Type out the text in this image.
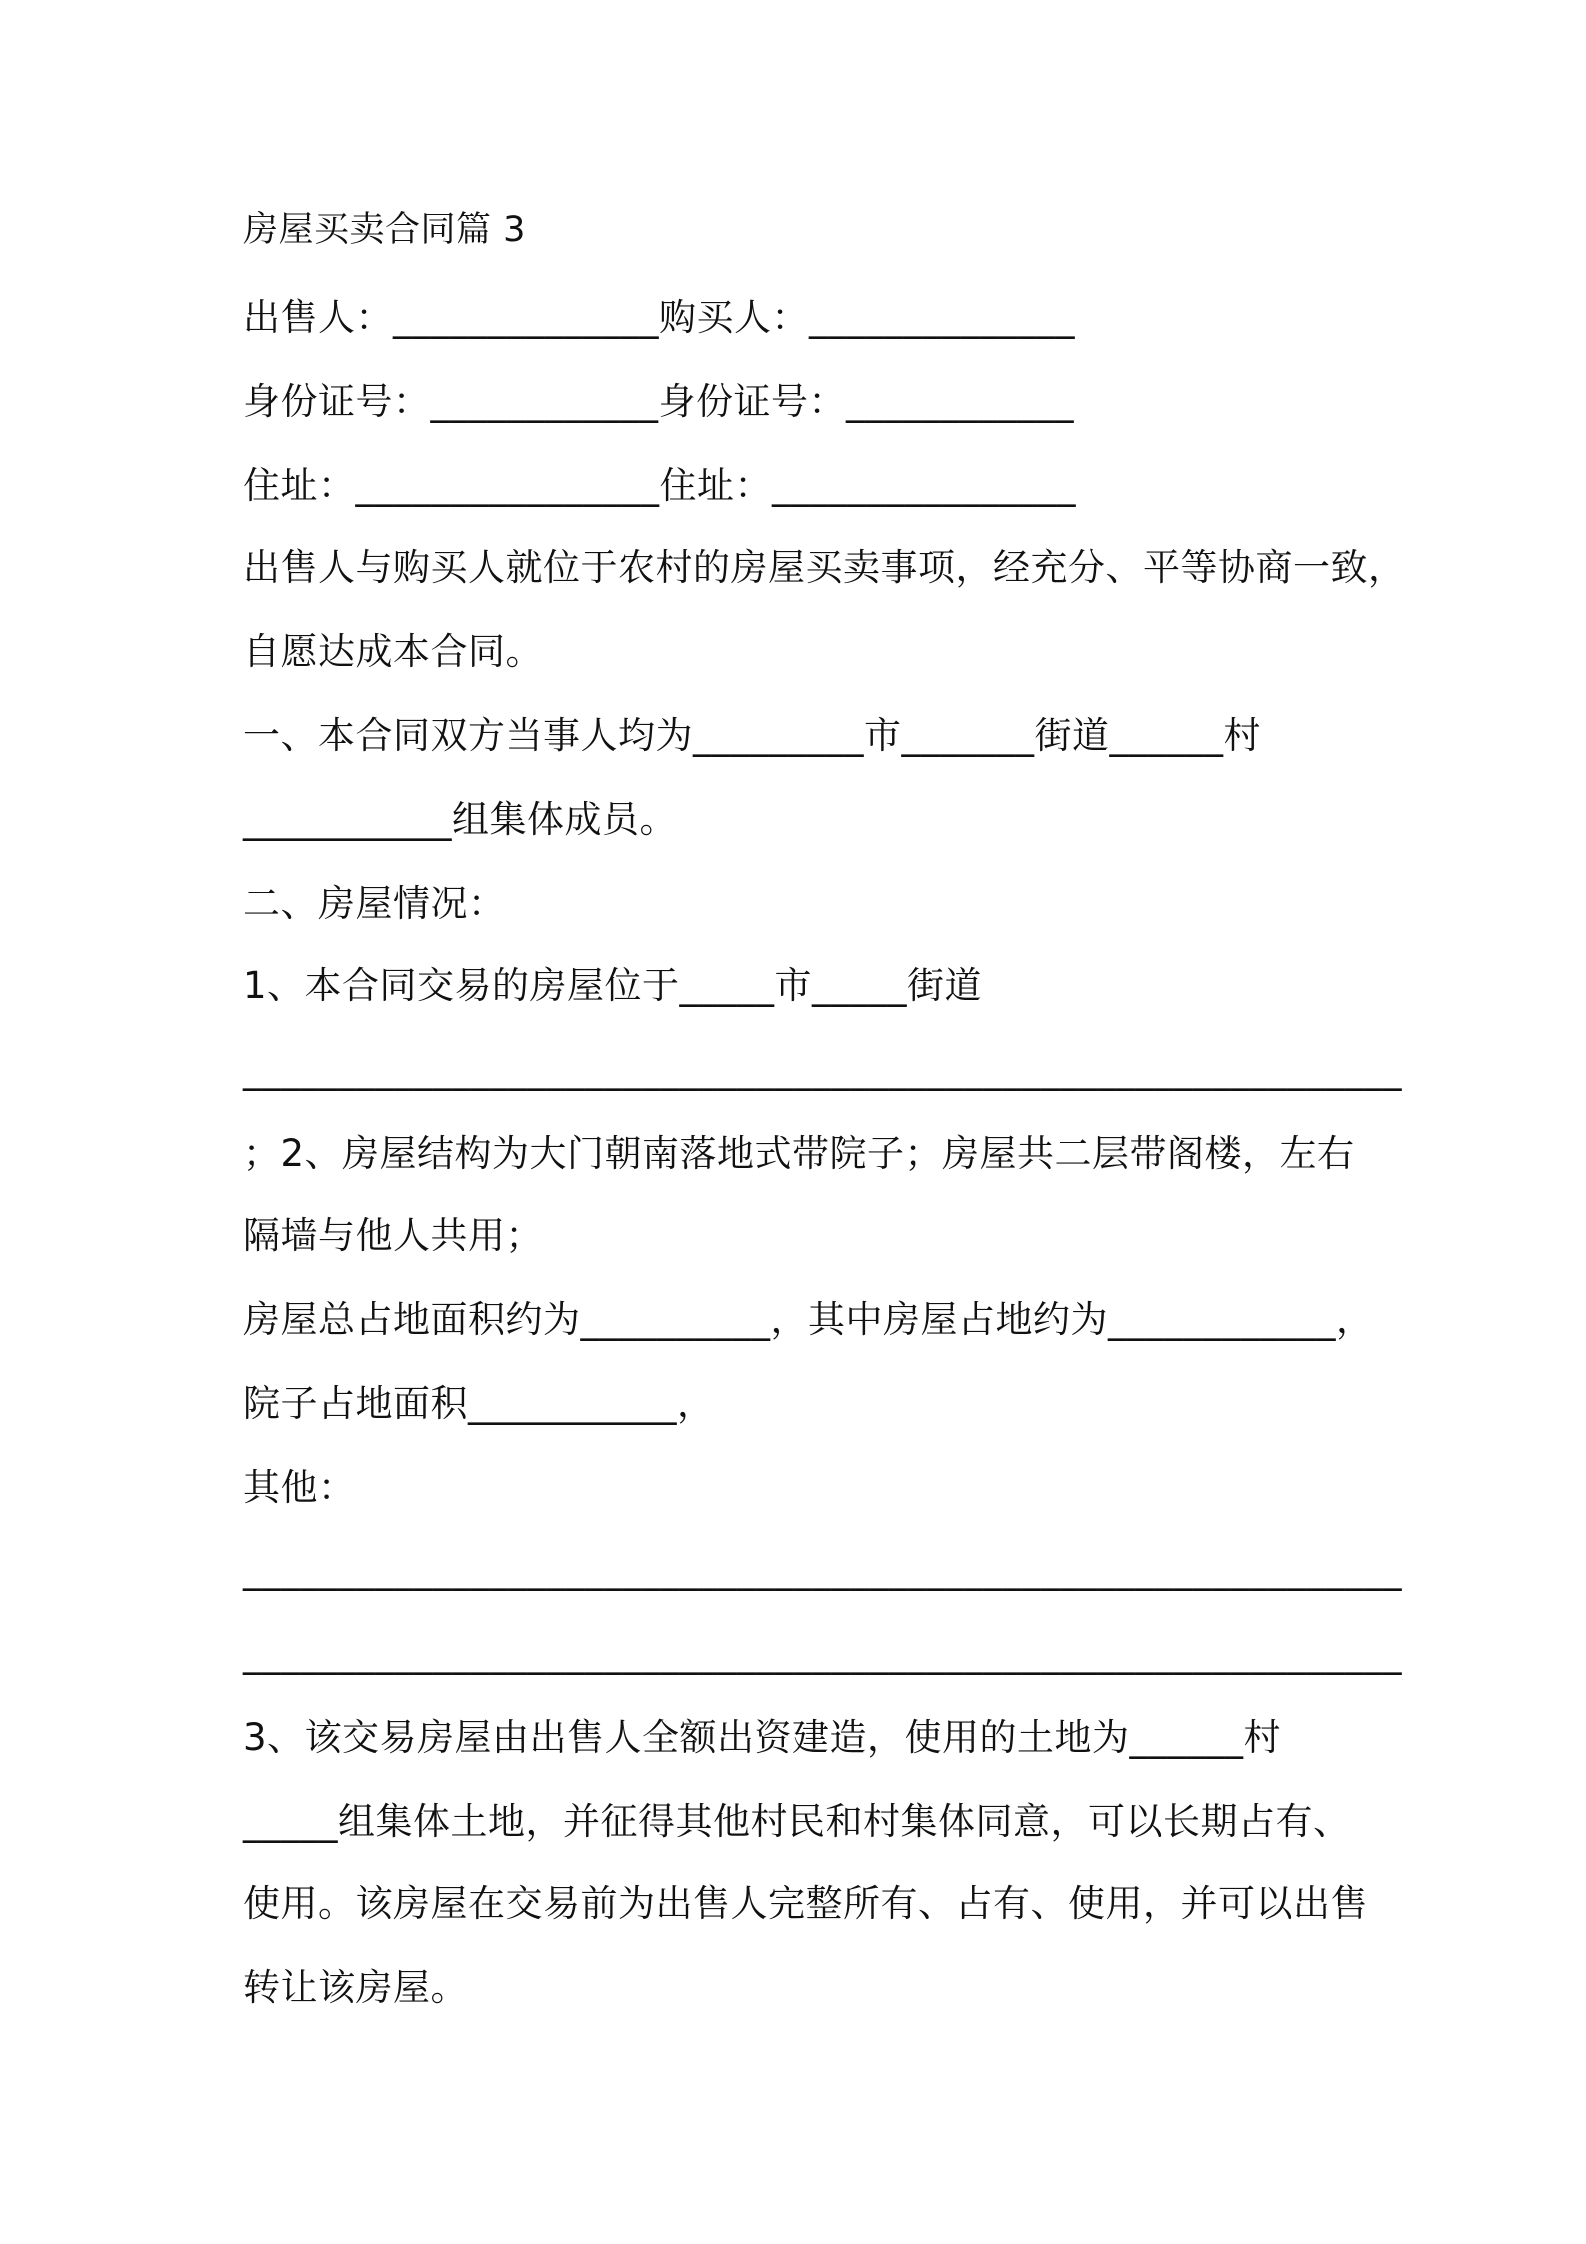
房屋买卖合同篇 3
出售人：______________购买人：______________
身份证号：____________身份证号：____________
住址：________________住址：________________
出售人与购买人就位于农村的房屋买卖事项，经充分、平等协商一致，
自愿达成本合同。
一、本合同双方当事人均为_________市_______街道______村
___________组集体成员。
二、房屋情况：
1、本合同交易的房屋位于_____市_____街道
_____________________________________________________________
；2、房屋结构为大门朝南落地式带院子；房屋共二层带阁楼，左右
隔墙与他人共用；
房屋总占地面积约为__________，其中房屋占地约为____________，
院子占地面积___________，
其他：
_____________________________________________________________
_____________________________________________________________
3、该交易房屋由出售人全额出资建造，使用的土地为______村
_____组集体土地，并征得其他村民和村集体同意，可以长期占有、
使用。该房屋在交易前为出售人完整所有、占有、使用，并可以出售
转让该房屋。
